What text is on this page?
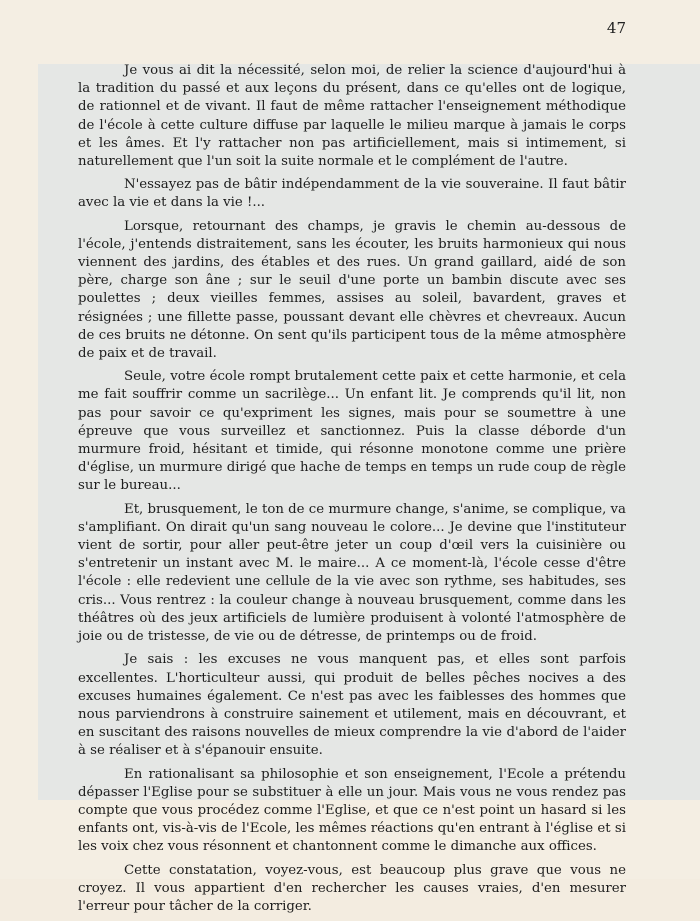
47

Je vous ai dit la nécessité, selon moi, de relier la science d'aujourd'hui à la tradition du passé et aux leçons du présent, dans ce qu'elles ont de logique, de rationnel et de vivant. Il faut de même rattacher l'enseignement méthodique de l'école à cette culture diffuse par laquelle le milieu marque à jamais le corps et les âmes. Et l'y rattacher non pas artificiellement, mais si intimement, si naturellement que l'un soit la suite normale et le complément de l'autre.

N'essayez pas de bâtir indépendamment de la vie souveraine. Il faut bâtir avec la vie et dans la vie !...

Lorsque, retournant des champs, je gravis le chemin au-dessous de l'école, j'entends distraitement, sans les écouter, les bruits harmonieux qui nous viennent des jardins, des étables et des rues. Un grand gaillard, aidé de son père, charge son âne ; sur le seuil d'une porte un bambin discute avec ses poulettes ; deux vieilles femmes, assises au soleil, bavardent, graves et résignées ; une fillette passe, poussant devant elle chèvres et chevreaux. Aucun de ces bruits ne détonne. On sent qu'ils participent tous de la même atmosphère de paix et de travail.

Seule, votre école rompt brutalement cette paix et cette harmonie, et cela me fait souffrir comme un sacrilège... Un enfant lit. Je comprends qu'il lit, non pas pour savoir ce qu'expriment les signes, mais pour se soumettre à une épreuve que vous surveillez et sanctionnez. Puis la classe déborde d'un murmure froid, hésitant et timide, qui résonne monotone comme une prière d'église, un murmure dirigé que hache de temps en temps un rude coup de règle sur le bureau...

Et, brusquement, le ton de ce murmure change, s'anime, se complique, va s'amplifiant. On dirait qu'un sang nouveau le colore... Je devine que l'instituteur vient de sortir, pour aller peut-être jeter un coup d'œil vers la cuisinière ou s'entretenir un instant avec M. le maire... A ce moment-là, l'école cesse d'être l'école : elle redevient une cellule de la vie avec son rythme, ses habitudes, ses cris... Vous rentrez : la couleur change à nouveau brusquement, comme dans les théâtres où des jeux artificiels de lumière produisent à volonté l'atmosphère de joie ou de tristesse, de vie ou de détresse, de printemps ou de froid.

Je sais : les excuses ne vous manquent pas, et elles sont parfois excellentes. L'horticulteur aussi, qui produit de belles pêches nocives a des excuses humaines également. Ce n'est pas avec les faiblesses des hommes que nous parviendrons à construire sainement et utilement, mais en découvrant, et en suscitant des raisons nouvelles de mieux comprendre la vie d'abord de l'aider à se réaliser et à s'épanouir ensuite.

En rationalisant sa philosophie et son enseignement, l'Ecole a prétendu dépasser l'Eglise pour se substituer à elle un jour. Mais vous ne vous rendez pas compte que vous procédez comme l'Eglise, et que ce n'est point un hasard si les enfants ont, vis-à-vis de l'Ecole, les mêmes réactions qu'en entrant à l'église et si les voix chez vous résonnent et chantonnent comme le dimanche aux offices.

Cette constatation, voyez-vous, est beaucoup plus grave que vous ne croyez. Il vous appartient d'en rechercher les causes vraies, d'en mesurer l'erreur pour tâcher de la corriger.
